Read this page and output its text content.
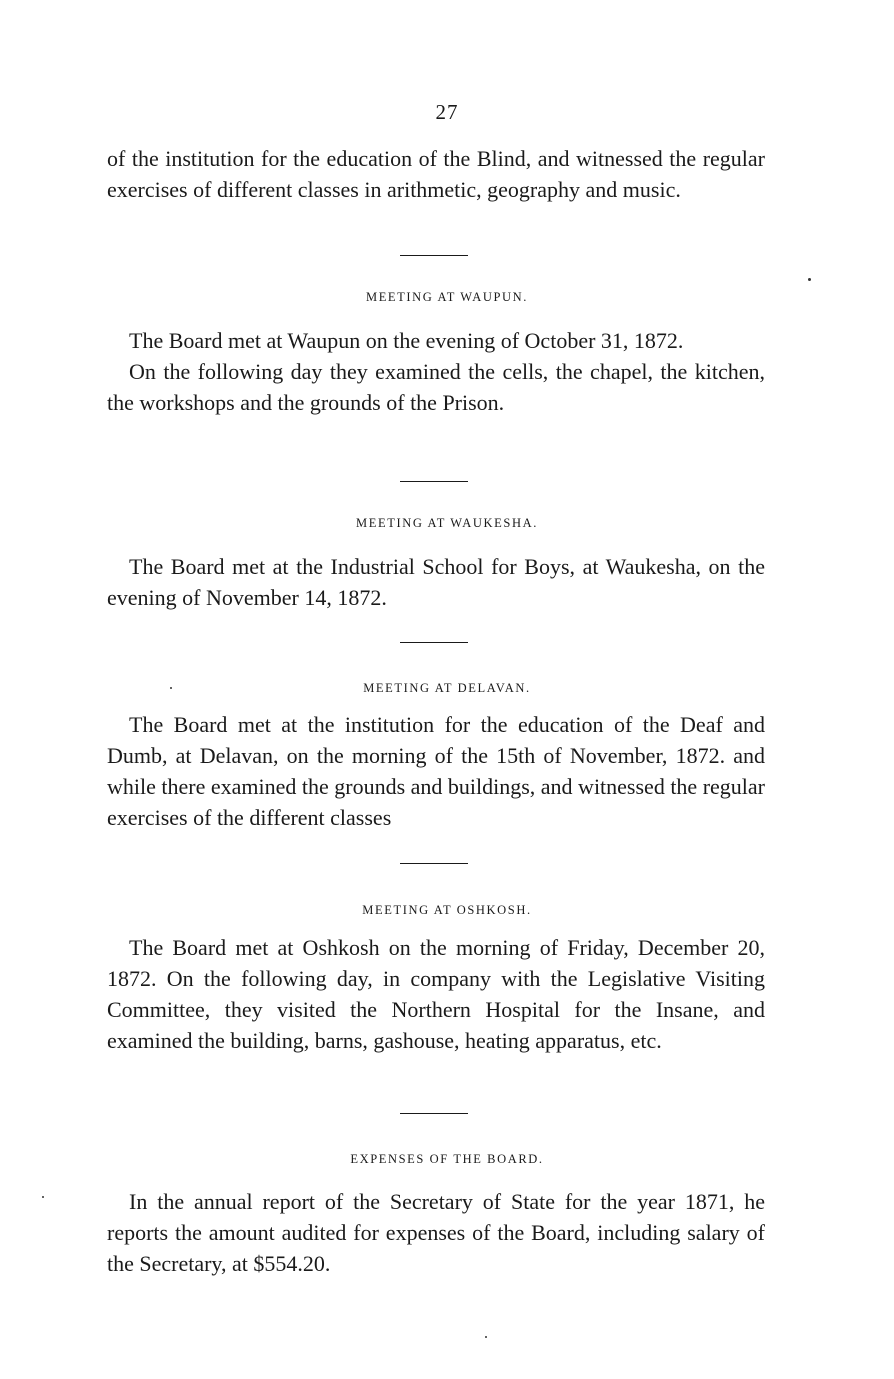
27

of the institution for the education of the Blind, and witnessed the regular exercises of different classes in arithmetic, geography and music.

MEETING AT WAUPUN.

The Board met at Waupun on the evening of October 31, 1872.

On the following day they examined the cells, the chapel, the kitchen, the workshops and the grounds of the Prison.

MEETING AT WAUKESHA.

The Board met at the Industrial School for Boys, at Waukesha, on the evening of November 14, 1872.

MEETING AT DELAVAN.

The Board met at the institution for the education of the Deaf and Dumb, at Delavan, on the morning of the 15th of November, 1872. and while there examined the grounds and buildings, and witnessed the regular exercises of the different classes

MEETING AT OSHKOSH.

The Board met at Oshkosh on the morning of Friday, December 20, 1872. On the following day, in company with the Legislative Visiting Committee, they visited the Northern Hospital for the Insane, and examined the building, barns, gashouse, heating apparatus, etc.

EXPENSES OF THE BOARD.

In the annual report of the Secretary of State for the year 1871, he reports the amount audited for expenses of the Board, including salary of the Secretary, at $554.20.
